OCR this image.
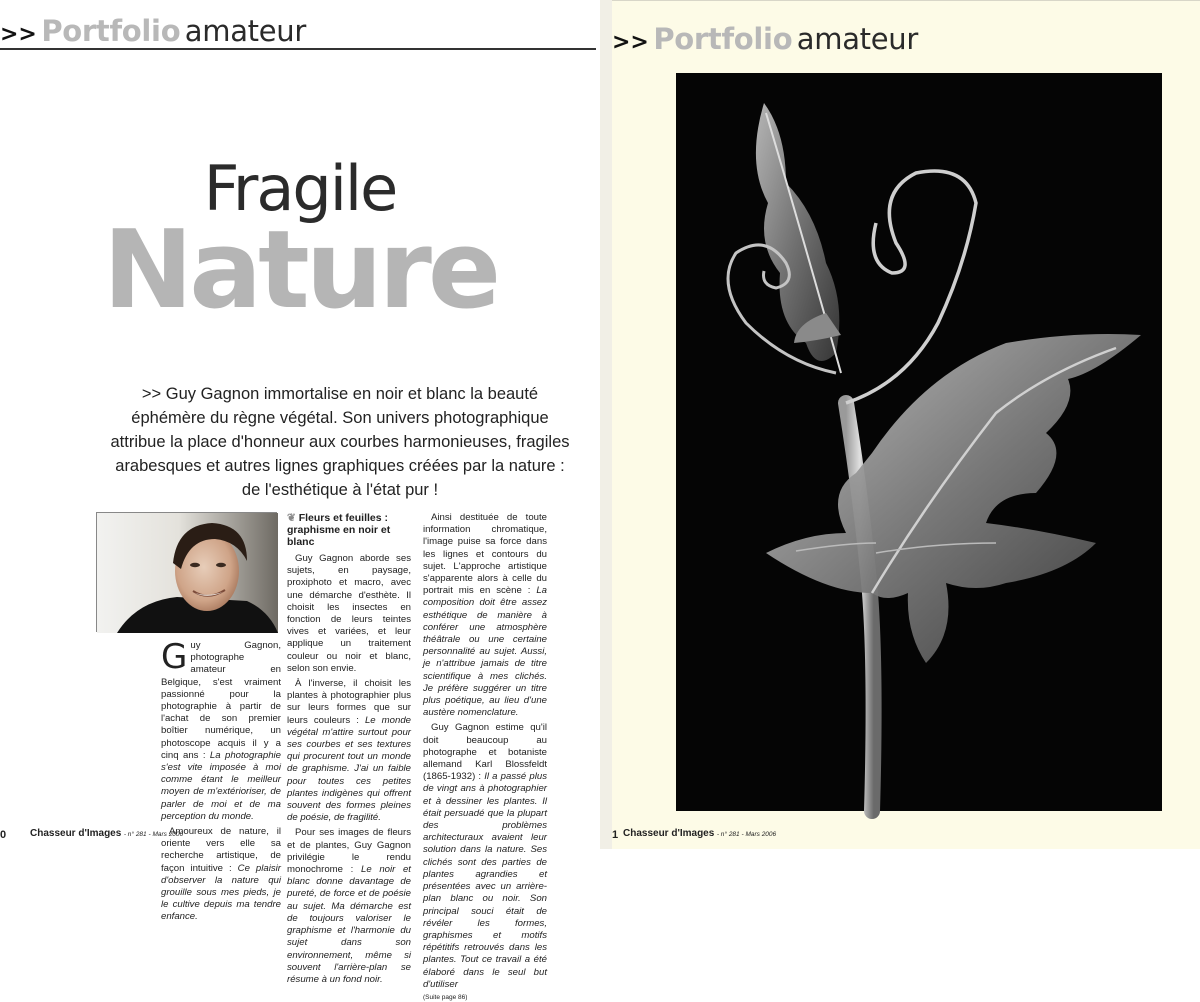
>> Portfolio amateur
Fragile
Nature
>> Guy Gagnon immortalise en noir et blanc la beauté éphémère du règne végétal. Son univers photographique attribue la place d'honneur aux courbes harmonieuses, fragiles arabesques et autres lignes graphiques créées par la nature : de l'esthétique à l'état pur !

G uy Gagnon, photographe amateur en Belgique, s'est vraiment passionné pour la photographie à partir de l'achat de son premier boîtier numérique, un photoscope acquis il y a cinq ans : La photographie s'est vite imposée à moi comme étant le meilleur moyen de m'extérioriser, de parler de moi et de ma perception du monde.

Amoureux de nature, il oriente vers elle sa recherche artistique, de façon intuitive : Ce plaisir d'observer la nature qui grouille sous mes pieds, je le cultive depuis ma tendre enfance.

❦ Fleurs et feuilles : graphisme en noir et blanc

Guy Gagnon aborde ses sujets, en paysage, proxiphoto et macro, avec une démarche d'esthète. Il choisit les insectes en fonction de leurs teintes vives et variées, et leur applique un traitement couleur ou noir et blanc, selon son envie.

À l'inverse, il choisit les plantes à photographier plus sur leurs formes que sur leurs couleurs : Le monde végétal m'attire surtout pour ses courbes et ses textures qui procurent tout un monde de graphisme. J'ai un faible pour toutes ces petites plantes indigènes qui offrent souvent des formes pleines de poésie, de fragilité.

Pour ses images de fleurs et de plantes, Guy Gagnon privilégie le rendu monochrome : Le noir et blanc donne davantage de pureté, de force et de poésie au sujet. Ma démarche est de toujours valoriser le graphisme et l'harmonie du sujet dans son environnement, même si souvent l'arrière-plan se résume à un fond noir.

Ainsi destituée de toute information chromatique, l'image puise sa force dans les lignes et contours du sujet. L'approche artistique s'apparente alors à celle du portrait mis en scène : La composition doit être assez esthétique de manière à conférer une atmosphère théâtrale ou une certaine personnalité au sujet. Aussi, je n'attribue jamais de titre scientifique à mes clichés. Je préfère suggérer un titre plus poétique, au lieu d'une austère nomenclature.

Guy Gagnon estime qu'il doit beaucoup au photographe et botaniste allemand Karl Blossfeldt (1865-1932) : Il a passé plus de vingt ans à photographier et à dessiner les plantes. Il était persuadé que la plupart des problèmes architecturaux avaient leur solution dans la nature. Ses clichés sont des parties de plantes agrandies et présentées avec un arrière-plan blanc ou noir. Son principal souci était de révéler les formes, graphismes et motifs répétitifs retrouvés dans les plantes. Tout ce travail a été élaboré dans le seul but d'utiliser

(Suite page 86)
0 Chasseur d'Images - n° 281 - Mars 2006
>> Portfolio amateur
1 Chasseur d'Images - n° 281 - Mars 2006
